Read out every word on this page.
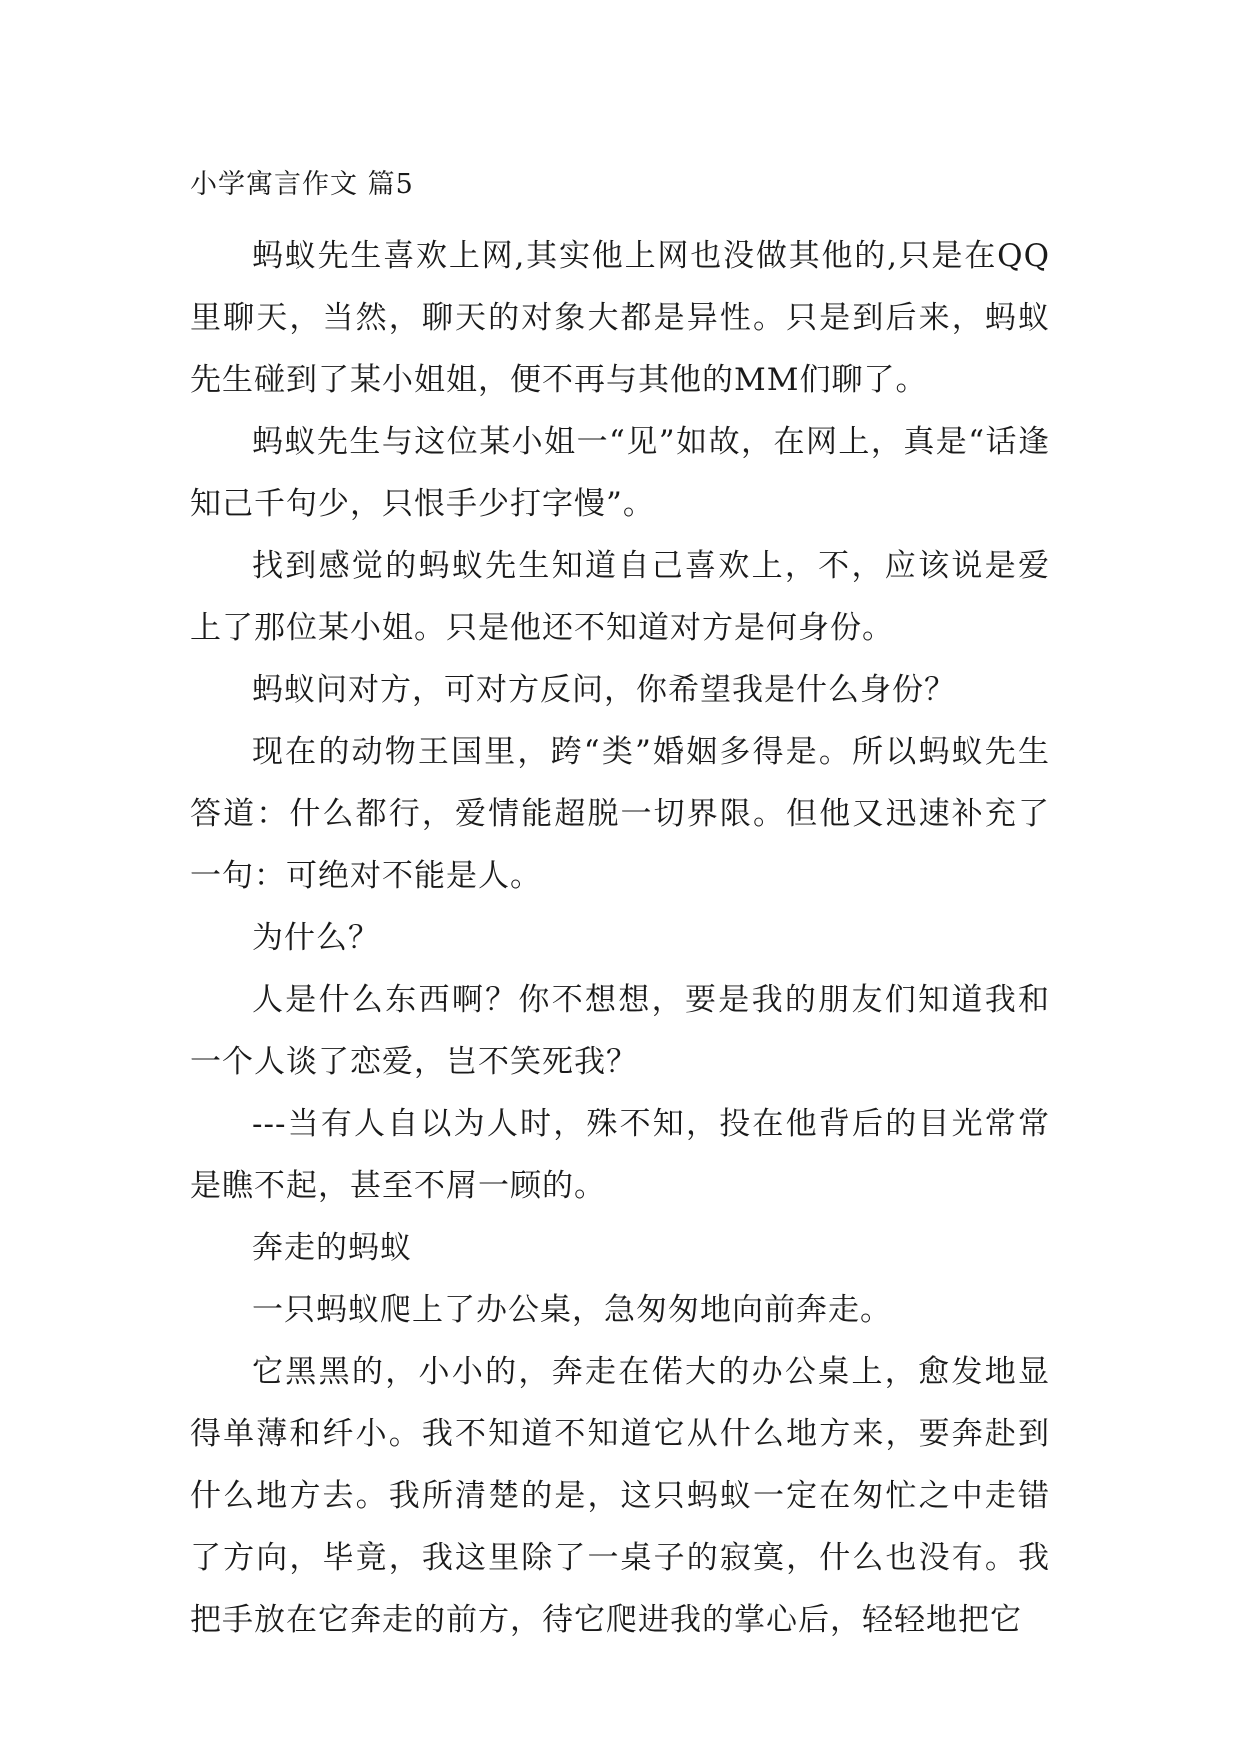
小学寓言作文 篇5

蚂蚁先生喜欢上网,其实他上网也没做其他的,只是在QQ里聊天，当然，聊天的对象大都是异性。只是到后来，蚂蚁先生碰到了某小姐姐，便不再与其他的MM们聊了。

蚂蚁先生与这位某小姐一“见”如故，在网上，真是“话逢知己千句少，只恨手少打字慢”。

找到感觉的蚂蚁先生知道自己喜欢上，不，应该说是爱上了那位某小姐。只是他还不知道对方是何身份。

蚂蚁问对方，可对方反问，你希望我是什么身份？

现在的动物王国里，跨“类”婚姻多得是。所以蚂蚁先生答道：什么都行，爱情能超脱一切界限。但他又迅速补充了一句：可绝对不能是人。

为什么？

人是什么东西啊？你不想想，要是我的朋友们知道我和一个人谈了恋爱，岂不笑死我？

---当有人自以为人时，殊不知，投在他背后的目光常常是瞧不起，甚至不屑一顾的。

奔走的蚂蚁

一只蚂蚁爬上了办公桌，急匆匆地向前奔走。

它黑黑的，小小的，奔走在偌大的办公桌上，愈发地显得单薄和纤小。我不知道不知道它从什么地方来，要奔赴到什么地方去。我所清楚的是，这只蚂蚁一定在匆忙之中走错了方向，毕竟，我这里除了一桌子的寂寞，什么也没有。我把手放在它奔走的前方，待它爬进我的掌心后，轻轻地把它
